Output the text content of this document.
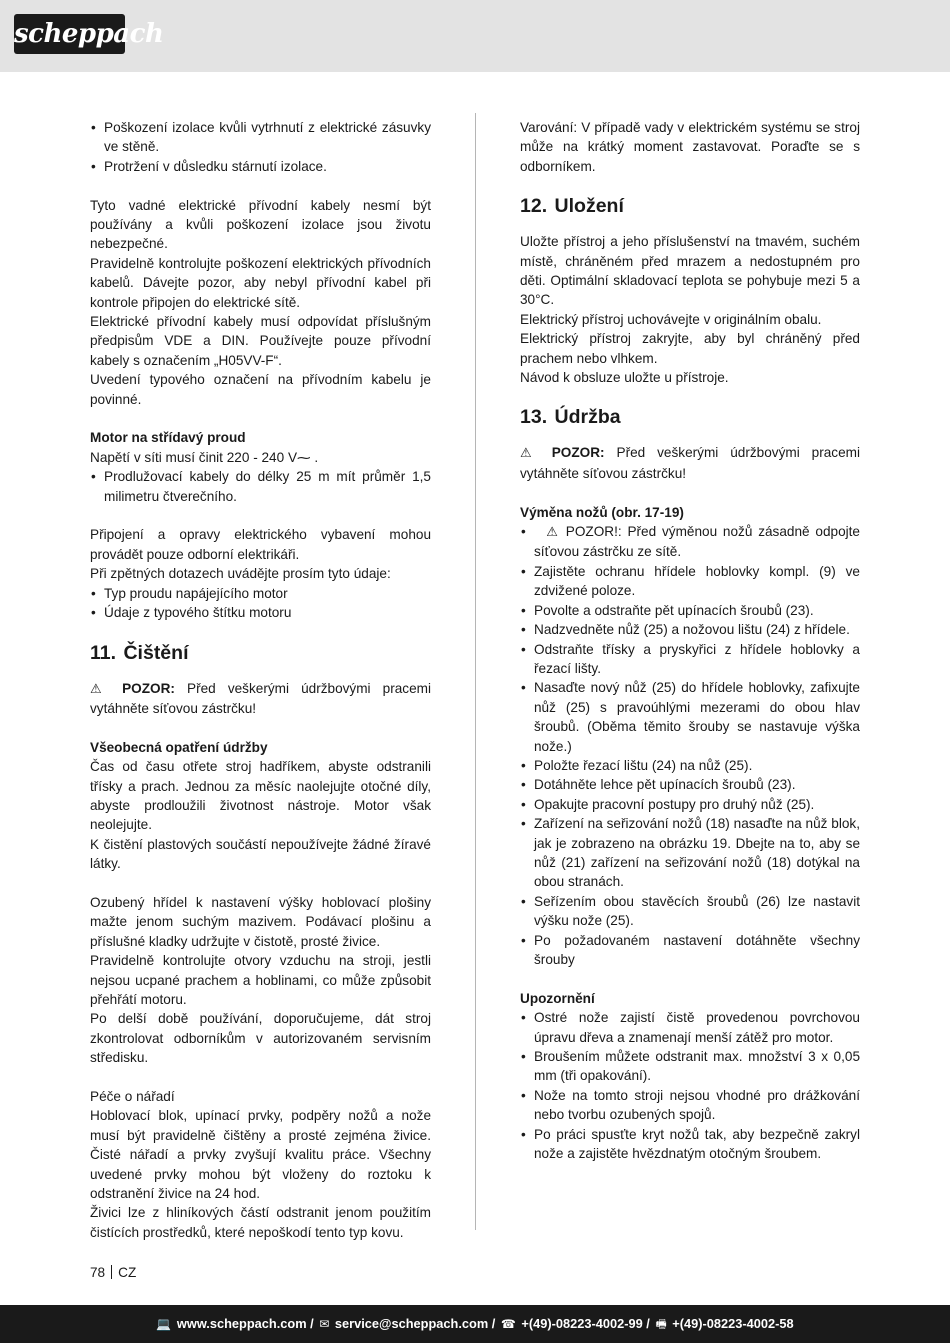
scheppach
• Poškození izolace kvůli vytrhnutí z elektrické zásuvky ve stěně.
• Protržení v důsledku stárnutí izolace.

Tyto vadné elektrické přívodní kabely nesmí být používány a kvůli poškození izolace jsou životu nebezpečné.

Pravidelně kontrolujte poškození elektrických přívodních kabelů. Dávejte pozor, aby nebyl přívodní kabel při kontrole připojen do elektrické sítě.

Elektrické přívodní kabely musí odpovídat příslušným předpisům VDE a DIN. Používejte pouze přívodní kabely s označením „H05VV-F“.

Uvedení typového označení na přívodním kabelu je povinné.

Motor na střídavý proud

Napětí v síti musí činit 220 - 240 V⁓ .

• Prodlužovací kabely do délky 25 m mít průměr 1,5 milimetru čtverečního.

Připojení a opravy elektrického vybavení mohou provádět pouze odborní elektrikáři.

Při zpětných dotazech uvádějte prosím tyto údaje:

• Typ proudu napájejícího motor
• Údaje z typového štítku motoru
11. Čištění

⚠ POZOR: Před veškerými údržbovými pracemi vytáhněte síťovou zástrčku!

Všeobecná opatření údržby

Čas od času otřete stroj hadříkem, abyste odstranili třísky a prach. Jednou za měsíc naolejujte otočné díly, abyste prodloužili životnost nástroje. Motor však neolejujte.

K čistění plastových součástí nepoužívejte žádné žíravé látky.

Ozubený hřídel k nastavení výšky hoblovací plošiny mažte jenom suchým mazivem. Podávací plošinu a příslušné kladky udržujte v čistotě, prosté živice.

Pravidelně kontrolujte otvory vzduchu na stroji, jestli nejsou ucpané prachem a hoblinami, co může způsobit přehřátí motoru.

Po delší době používání, doporučujeme, dát stroj zkontrolovat odborníkům v autorizovaném servisním středisku.

Péče o nářadí

Hoblovací blok, upínací prvky, podpěry nožů a nože musí být pravidelně čištěny a prosté zejména živice. Čisté nářadí a prvky zvyšují kvalitu práce. Všechny uvedené prvky mohou být vloženy do roztoku k odstranění živice na 24 hod.

Živici lze z hliníkových částí odstranit jenom použitím čistících prostředků, které nepoškodí tento typ kovu.

Varování: V případě vady v elektrickém systému se stroj může na krátký moment zastavovat. Poraďte se s odborníkem.

12. Uložení

Uložte přístroj a jeho příslušenství na tmavém, suchém místě, chráněném před mrazem a nedostupném pro děti. Optimální skladovací teplota se pohybuje mezi 5 a 30°C.

Elektrický přístroj uchovávejte v originálním obalu.

Elektrický přístroj zakryjte, aby byl chráněný před prachem nebo vlhkem.

Návod k obsluze uložte u přístroje.

13. Údržba

⚠ POZOR: Před veškerými údržbovými pracemi vytáhněte síťovou zástrčku!

Výměna nožů (obr. 17-19)

•   ⚠ POZOR!: Před výměnou nožů zásadně odpojte síťovou zástrčku ze sítě.
• Zajistěte ochranu hřídele hoblovky kompl. (9) ve zdvižené poloze.
• Povolte a odstraňte pět upínacích šroubů (23).
• Nadzvedněte nůž (25) a nožovou lištu (24) z hřídele.
• Odstraňte třísky a pryskyřici z hřídele hoblovky a řezací lišty.
• Nasaďte nový nůž (25) do hřídele hoblovky, zafixujte nůž (25) s pravoúhlými mezerami do obou hlav šroubů. (Oběma těmito šrouby se nastavuje výška nože.)
• Položte řezací lištu (24) na nůž (25).
• Dotáhněte lehce pět upínacích šroubů (23).
• Opakujte pracovní postupy pro druhý nůž (25).
• Zařízení na seřizování nožů (18) nasaďte na nůž blok, jak je zobrazeno na obrázku 19. Dbejte na to, aby se nůž (21) zařízení na seřizování nožů (18) dotýkal na obou stranách.
• Seřízením obou stavěcích šroubů (26) lze nastavit výšku nože (25).
• Po požadovaném nastavení dotáhněte všechny šrouby

Upozornění

• Ostré nože zajistí čistě provedenou povrchovou úpravu dřeva a znamenají menší zátěž pro motor.
• Broušením můžete odstranit max. množství 3 x 0,05 mm (tři opakování).
• Nože na tomto stroji nejsou vhodné pro drážkování nebo tvorbu ozubených spojů.
• Po práci spusťte kryt nožů tak, aby bezpečně zakryl nože a zajistěte hvězdnatým otočným šroubem.
78 CZ
💻 www.scheppach.com / ✉ service@scheppach.com / ☎ +(49)-08223-4002-99 / 🖷 +(49)-08223-4002-58
